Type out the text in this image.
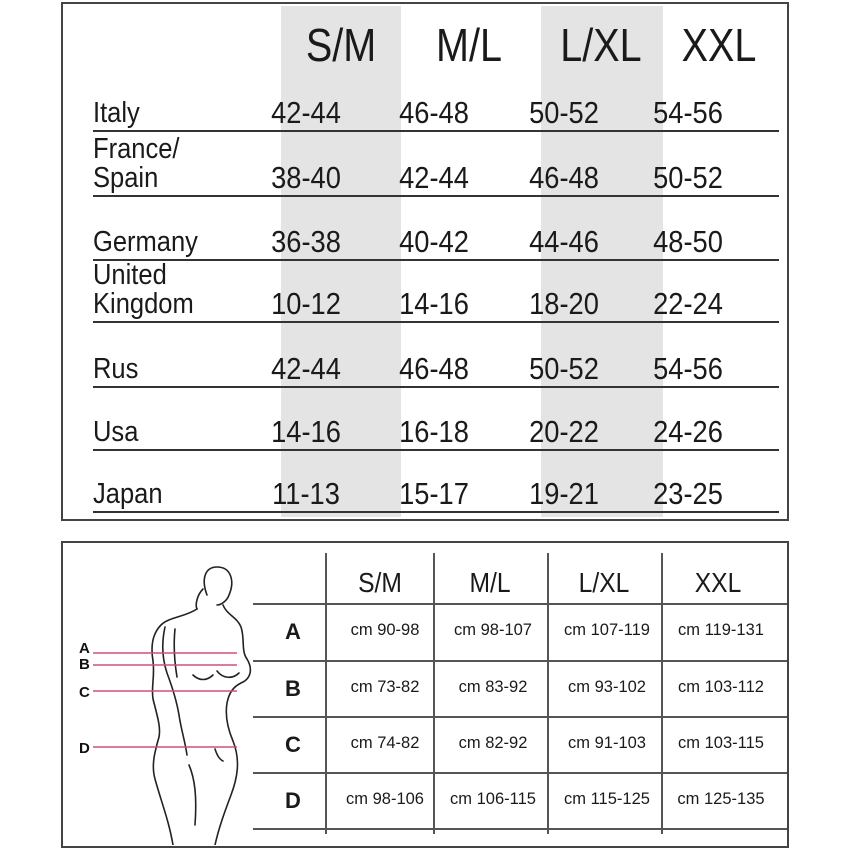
S/M	M/L	L/XL XXL
Italy	42-44	46-48	50-52	54-56
France/
Spain	38-40	42-44	46-48	50-52
Germany	36-38	40-42	44-46	48-50
United
Kingdom	10-12	14-16	18-20	22-24
Rus	42-44	46-48	50-52	54-56
Usa	14-16	16-18	20-22	24-26
Japan	11-13	15-17	19-21	23-25
A
B
C
D
S/M	M/L	L/XL	XXL
A	cm 90-98	cm 98-107	cm 107-119	cm 119-131
B	cm 73-82	cm 83-92	cm 93-102	cm 103-112
C	cm 74-82	cm 82-92	cm 91-103	cm 103-115
D	cm 98-106	cm 106-115	cm 115-125	cm 125-135
